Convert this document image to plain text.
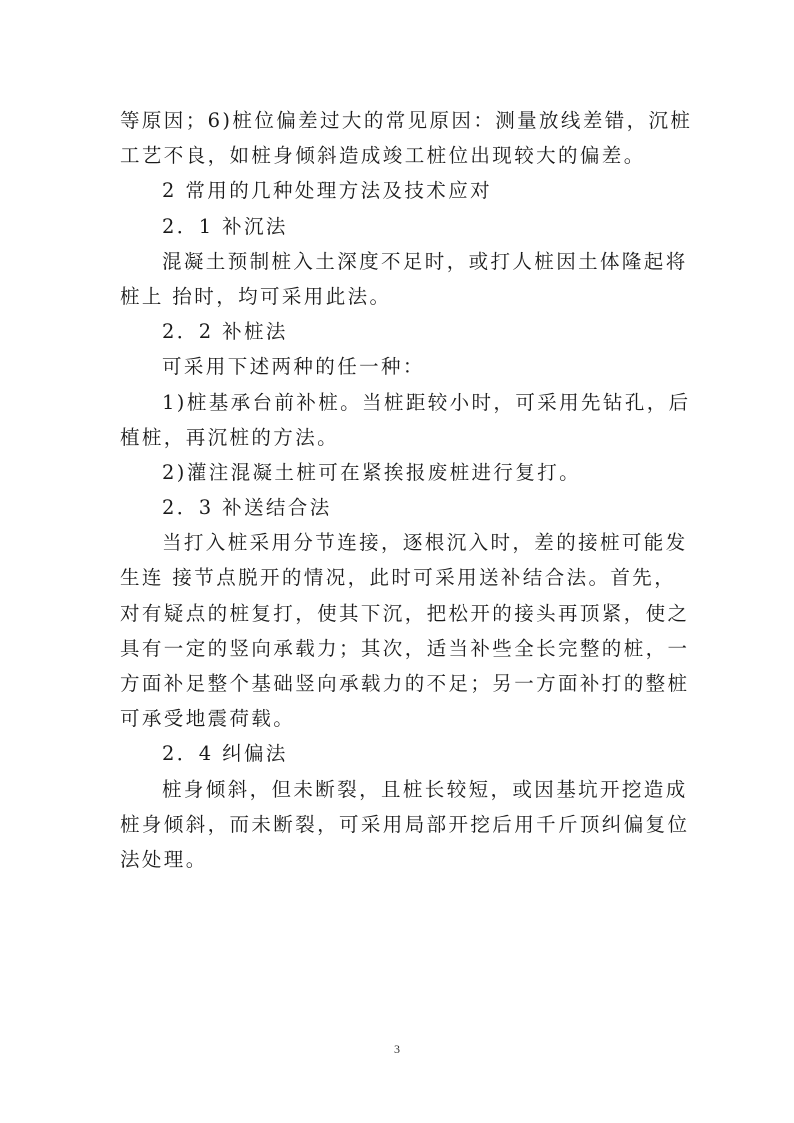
等原因；6)桩位偏差过大的常见原因：测量放线差错，沉桩
工艺不良，如桩身倾斜造成竣工桩位出现较大的偏差。
2 常用的几种处理方法及技术应对
2．1 补沉法
混凝土预制桩入土深度不足时，或打人桩因土体隆起将
桩上 抬时，均可采用此法。
2．2 补桩法
可采用下述两种的任一种：
1)桩基承台前补桩。当桩距较小时，可采用先钻孔，后
植桩，再沉桩的方法。
2)灌注混凝土桩可在紧挨报废桩进行复打。
2．3 补送结合法
当打入桩采用分节连接，逐根沉入时，差的接桩可能发
生连 接节点脱开的情况，此时可采用送补结合法。首先，
对有疑点的桩复打，使其下沉，把松开的接头再顶紧，使之
具有一定的竖向承载力；其次，适当补些全长完整的桩，一
方面补足整个基础竖向承载力的不足；另一方面补打的整桩
可承受地震荷载。
2．4 纠偏法
桩身倾斜，但未断裂，且桩长较短，或因基坑开挖造成
桩身倾斜，而未断裂，可采用局部开挖后用千斤顶纠偏复位
法处理。
3
